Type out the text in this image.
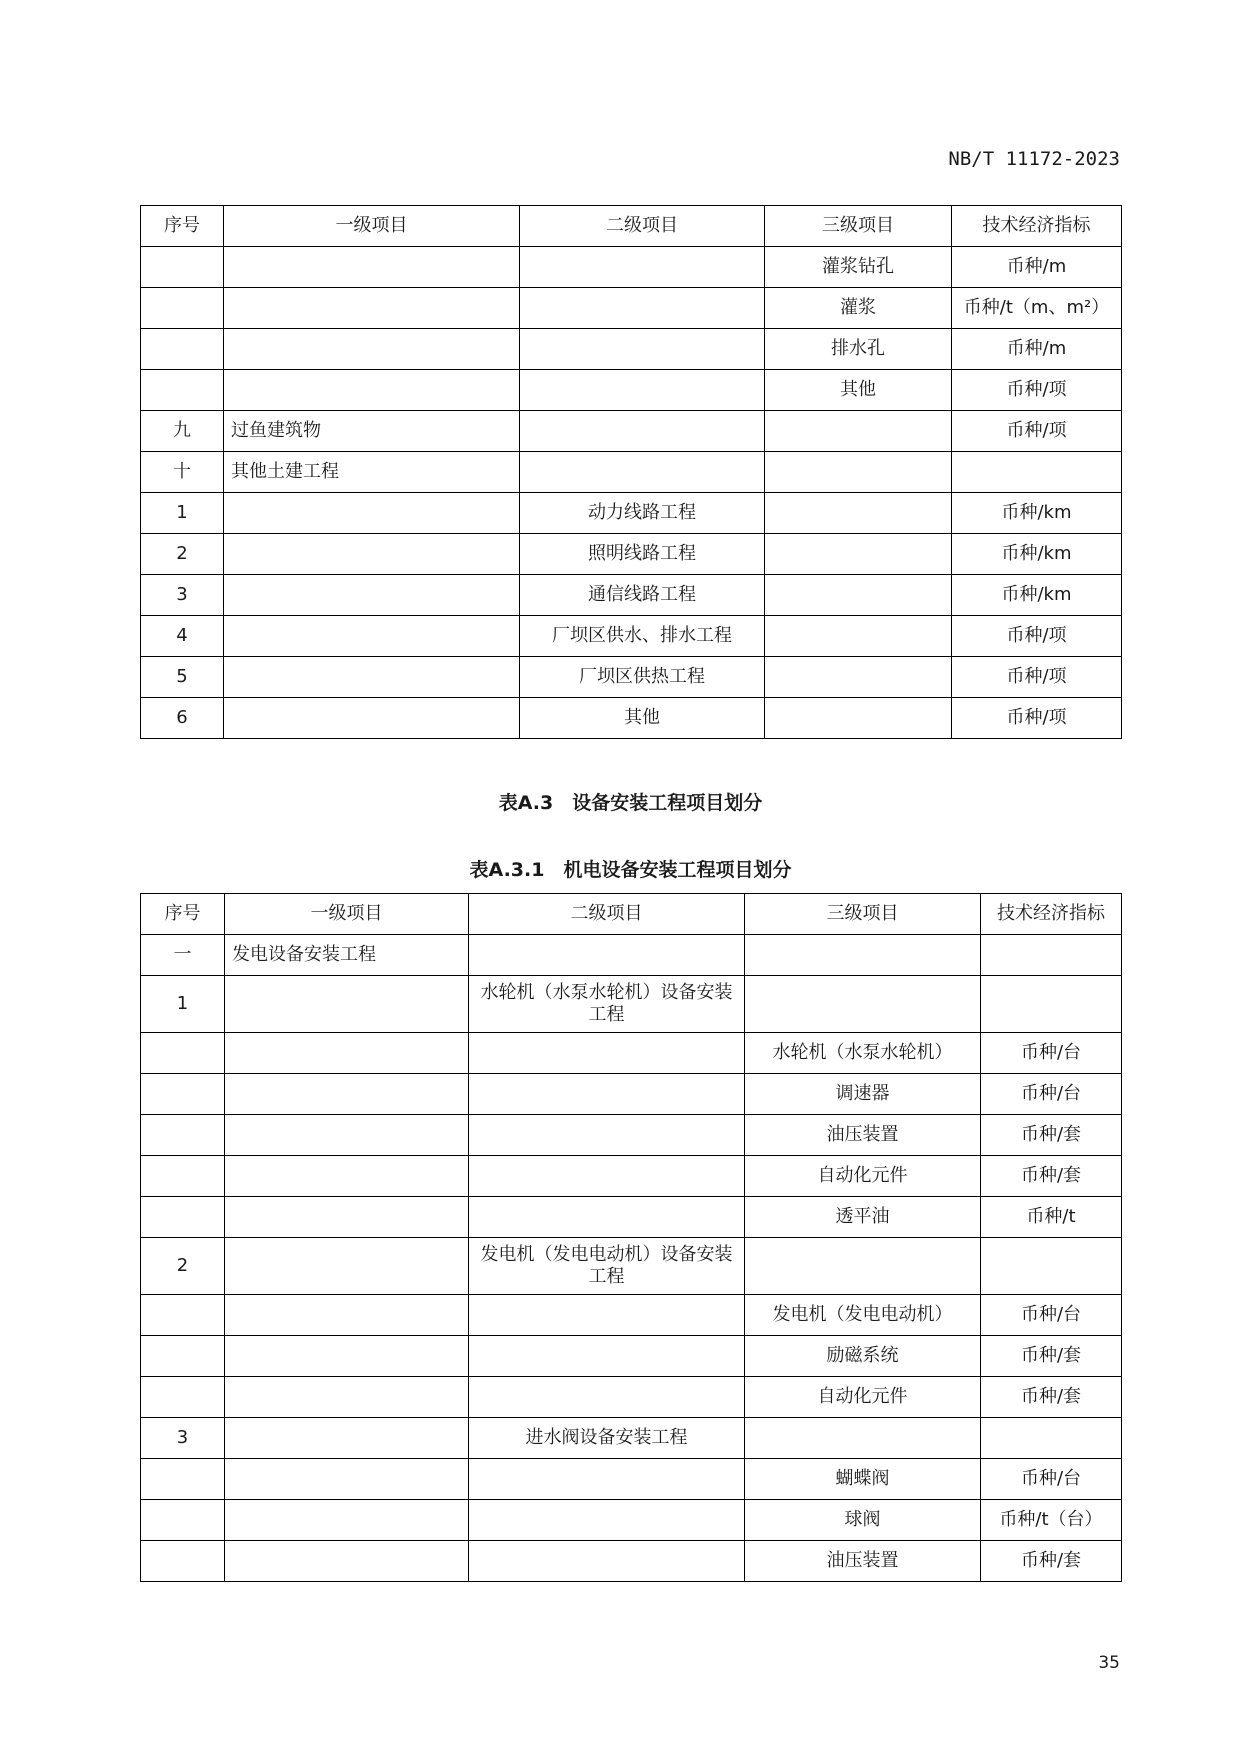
NB/T 11172-2023
序号	一级项目	二级项目	三级项目	技术经济指标
			灌浆钻孔	币种/m
			灌浆	币种/t（m、m²）
			排水孔	币种/m
			其他	币种/项
九	过鱼建筑物			币种/项
十	其他土建工程			
1		动力线路工程		币种/km
2		照明线路工程		币种/km
3		通信线路工程		币种/km
4		厂坝区供水、排水工程		币种/项
5		厂坝区供热工程		币种/项
6		其他		币种/项
表A.3　设备安装工程项目划分
表A.3.1　机电设备安装工程项目划分
序号	一级项目	二级项目	三级项目	技术经济指标
一	发电设备安装工程			
1		水轮机（水泵水轮机）设备安装工程		
			水轮机（水泵水轮机）	币种/台
			调速器	币种/台
			油压装置	币种/套
			自动化元件	币种/套
			透平油	币种/t
2		发电机（发电电动机）设备安装工程		
			发电机（发电电动机）	币种/台
			励磁系统	币种/套
			自动化元件	币种/套
3		进水阀设备安装工程		
			蝴蝶阀	币种/台
			球阀	币种/t（台）
			油压装置	币种/套
35
